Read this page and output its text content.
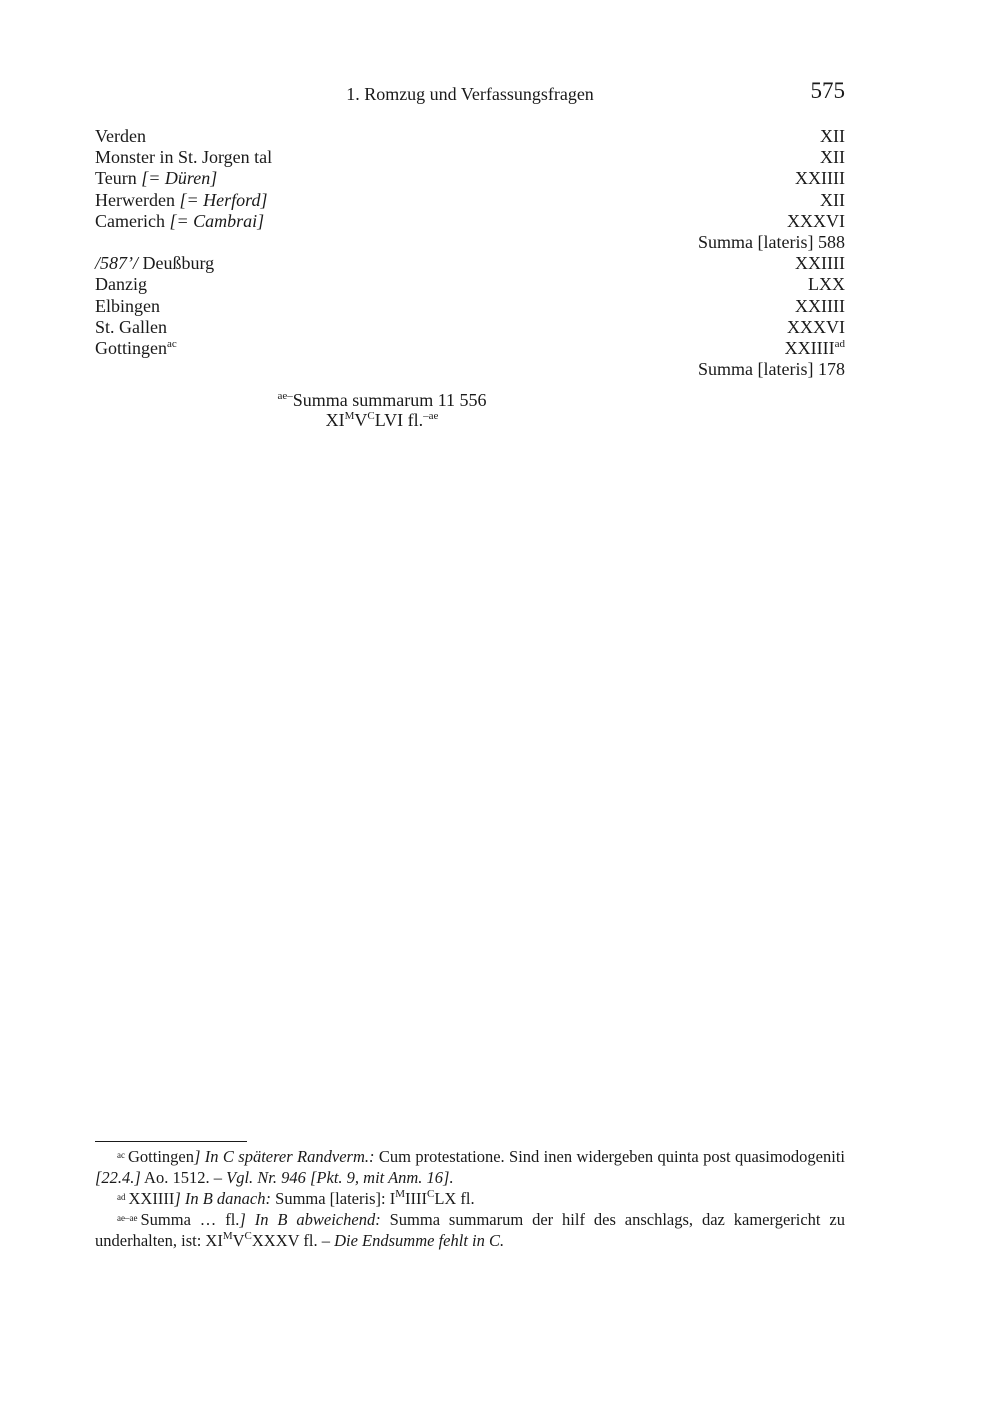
1. Romzug und Verfassungsfragen	575
Verden	XII
Monster in St. Jorgen tal	XII
Teurn [= Düren]	XXIIII
Herwerden [= Herford]	XII
Camerich [= Cambrai]	XXXVI
Summa [lateris] 588
/587’/ Deußburg	XXIIII
Danzig	LXX
Elbingen	XXIIII
St. Gallen	XXXVI
Gottingen$^{ac}$	$XXIIII^{ad}$
Summa [lateris] 178
$^{ae-}$Summa summarum 11 556
$XI^MV^CLVI$ fl.$^{-ae}$
$^{ac}$ Gottingen] In C späterer Randverm.: Cum protestatione. Sind inen widergeben quinta post quasimodogeniti [22.4.] Ao. 1512. – Vgl. Nr. 946 [Pkt. 9, mit Anm. 16].
$^{ad}$ XXIIII] In B danach: Summa [lateris]: $I^MIIII^CLX$ fl.
$^{ae-ae}$ Summa … fl.] In B abweichend: Summa summarum der hilf des anschlags, daz kamergericht zu underhalten, ist: $XI^MV^CXXXV$ fl. – Die Endsumme fehlt in C.
